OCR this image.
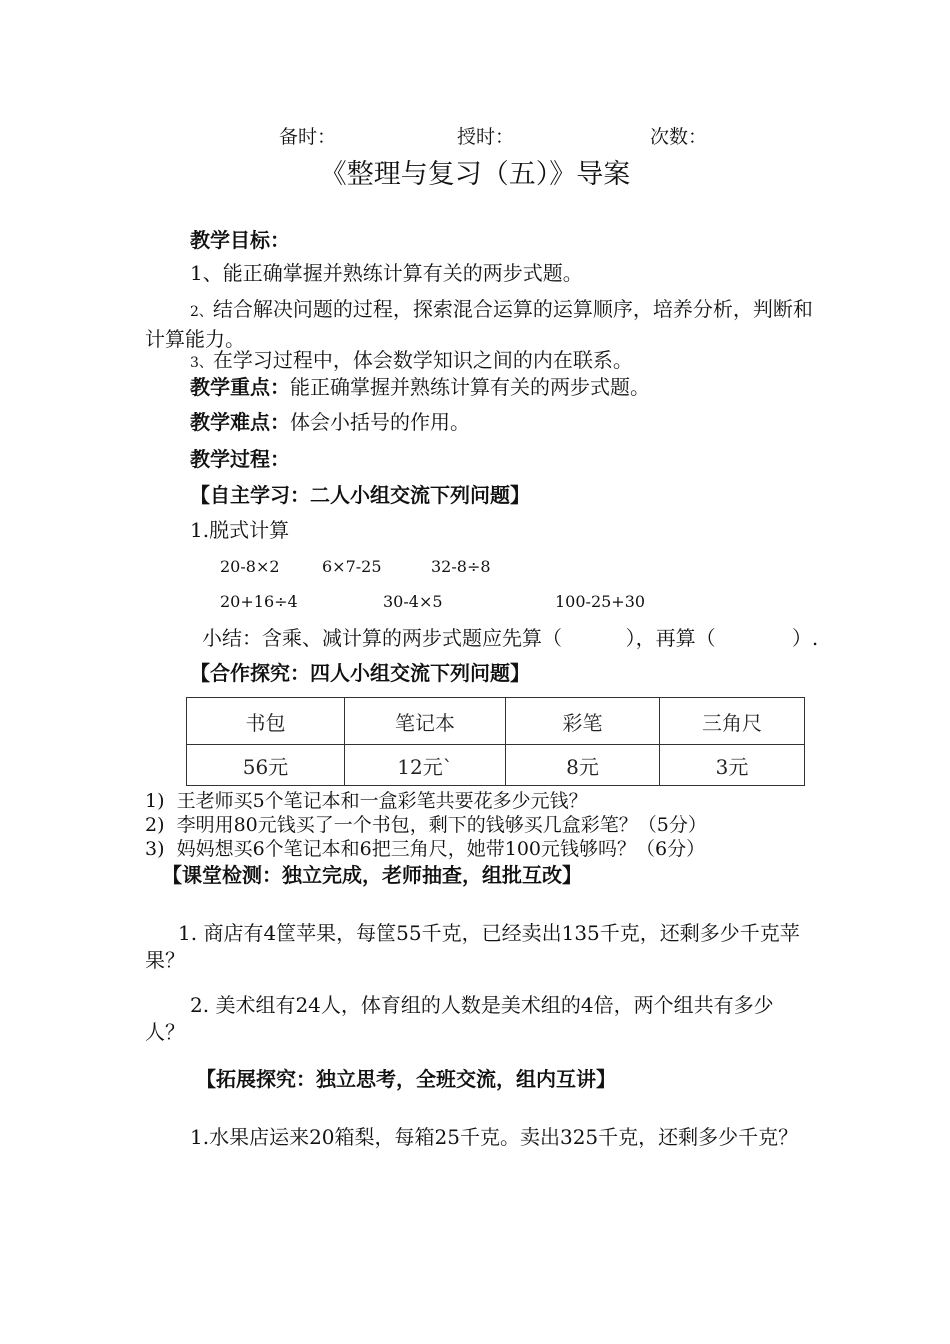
备时：	授时：	次数：
《整理与复习（五）》导案
教学目标：
1、能正确掌握并熟练计算有关的两步式题。
2、结合解决问题的过程，探索混合运算的运算顺序，培养分析，判断和计算能力。
3、在学习过程中，体会数学知识之间的内在联系。
教学重点：能正确掌握并熟练计算有关的两步式题。
教学难点：体会小括号的作用。
教学过程：
【自主学习：二人小组交流下列问题】
1.脱式计算
20-8×2	6×7-25	32-8÷8
20+16÷4	30-4×5	100-25+30
小结：含乘、减计算的两步式题应先算（          ），再算（            ）.
【合作探究：四人小组交流下列问题】
书包	笔记本	彩笔	三角尺
56元	12元`	8元	3元
1)  王老师买5个笔记本和一盒彩笔共要花多少元钱？
2)  李明用80元钱买了一个书包，剩下的钱够买几盒彩笔？（5分）
3)  妈妈想买6个笔记本和6把三角尺，她带100元钱够吗？（6分）
【课堂检测：独立完成，老师抽查，组批互改】
1. 商店有4筐苹果，每筐55千克，已经卖出135千克，还剩多少千克苹果？
2. 美术组有24人，体育组的人数是美术组的4倍，两个组共有多少人？
【拓展探究：独立思考，全班交流，组内互讲】
1.水果店运来20箱梨，每箱25千克。卖出325千克，还剩多少千克？
